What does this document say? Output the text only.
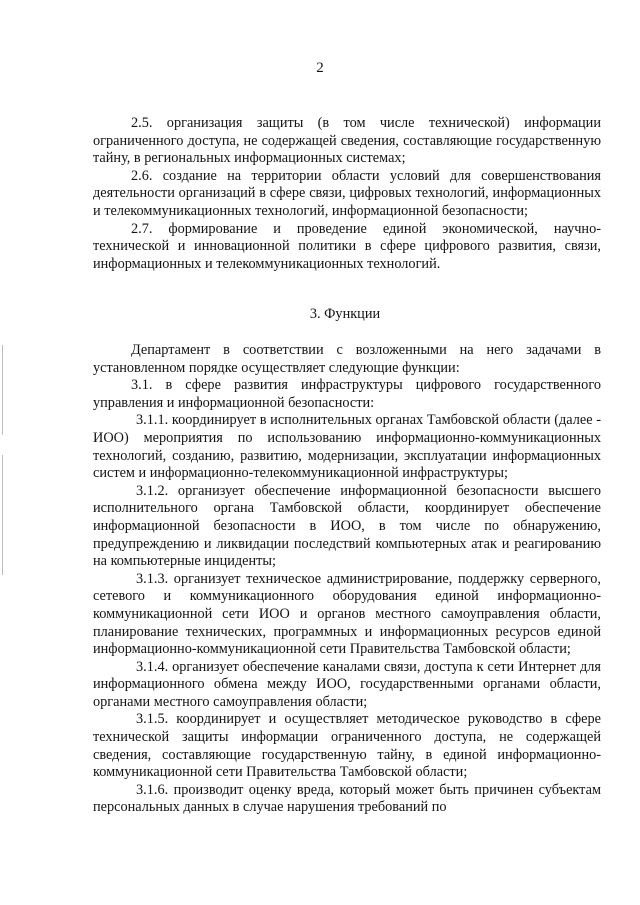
2

2.5. организация защиты (в том числе технической) информации ограниченного доступа, не содержащей сведения, составляющие государственную тайну, в региональных информационных системах;

2.6. создание на территории области условий для совершенствования деятельности организаций в сфере связи, цифровых технологий, информационных и телекоммуникационных технологий, информационной безопасности;

2.7. формирование и проведение единой экономической, научно-технической и инновационной политики в сфере цифрового развития, связи, информационных и телекоммуникационных технологий.

3. Функции

Департамент в соответствии с возложенными на него задачами в установленном порядке осуществляет следующие функции:

3.1. в сфере развития инфраструктуры цифрового государственного управления и информационной безопасности:

3.1.1. координирует в исполнительных органах Тамбовской области (далее - ИОО) мероприятия по использованию информационно-коммуникационных технологий, созданию, развитию, модернизации, эксплуатации информационных систем и информационно-телекоммуникационной инфраструктуры;

3.1.2. организует обеспечение информационной безопасности высшего исполнительного органа Тамбовской области, координирует обеспечение информационной безопасности в ИОО, в том числе по обнаружению, предупреждению и ликвидации последствий компьютерных атак и реагированию на компьютерные инциденты;

3.1.3. организует техническое администрирование, поддержку серверного, сетевого и коммуникационного оборудования единой информационно-коммуникационной сети ИОО и органов местного самоуправления области, планирование технических, программных и информационных ресурсов единой информационно-коммуникационной сети Правительства Тамбовской области;

3.1.4. организует обеспечение каналами связи, доступа к сети Интернет для информационного обмена между ИОО, государственными органами области, органами местного самоуправления области;

3.1.5. координирует и осуществляет методическое руководство в сфере технической защиты информации ограниченного доступа, не содержащей сведения, составляющие государственную тайну, в единой информационно-коммуникационной сети Правительства Тамбовской области;

3.1.6. производит оценку вреда, который может быть причинен субъектам персональных данных в случае нарушения требований по
